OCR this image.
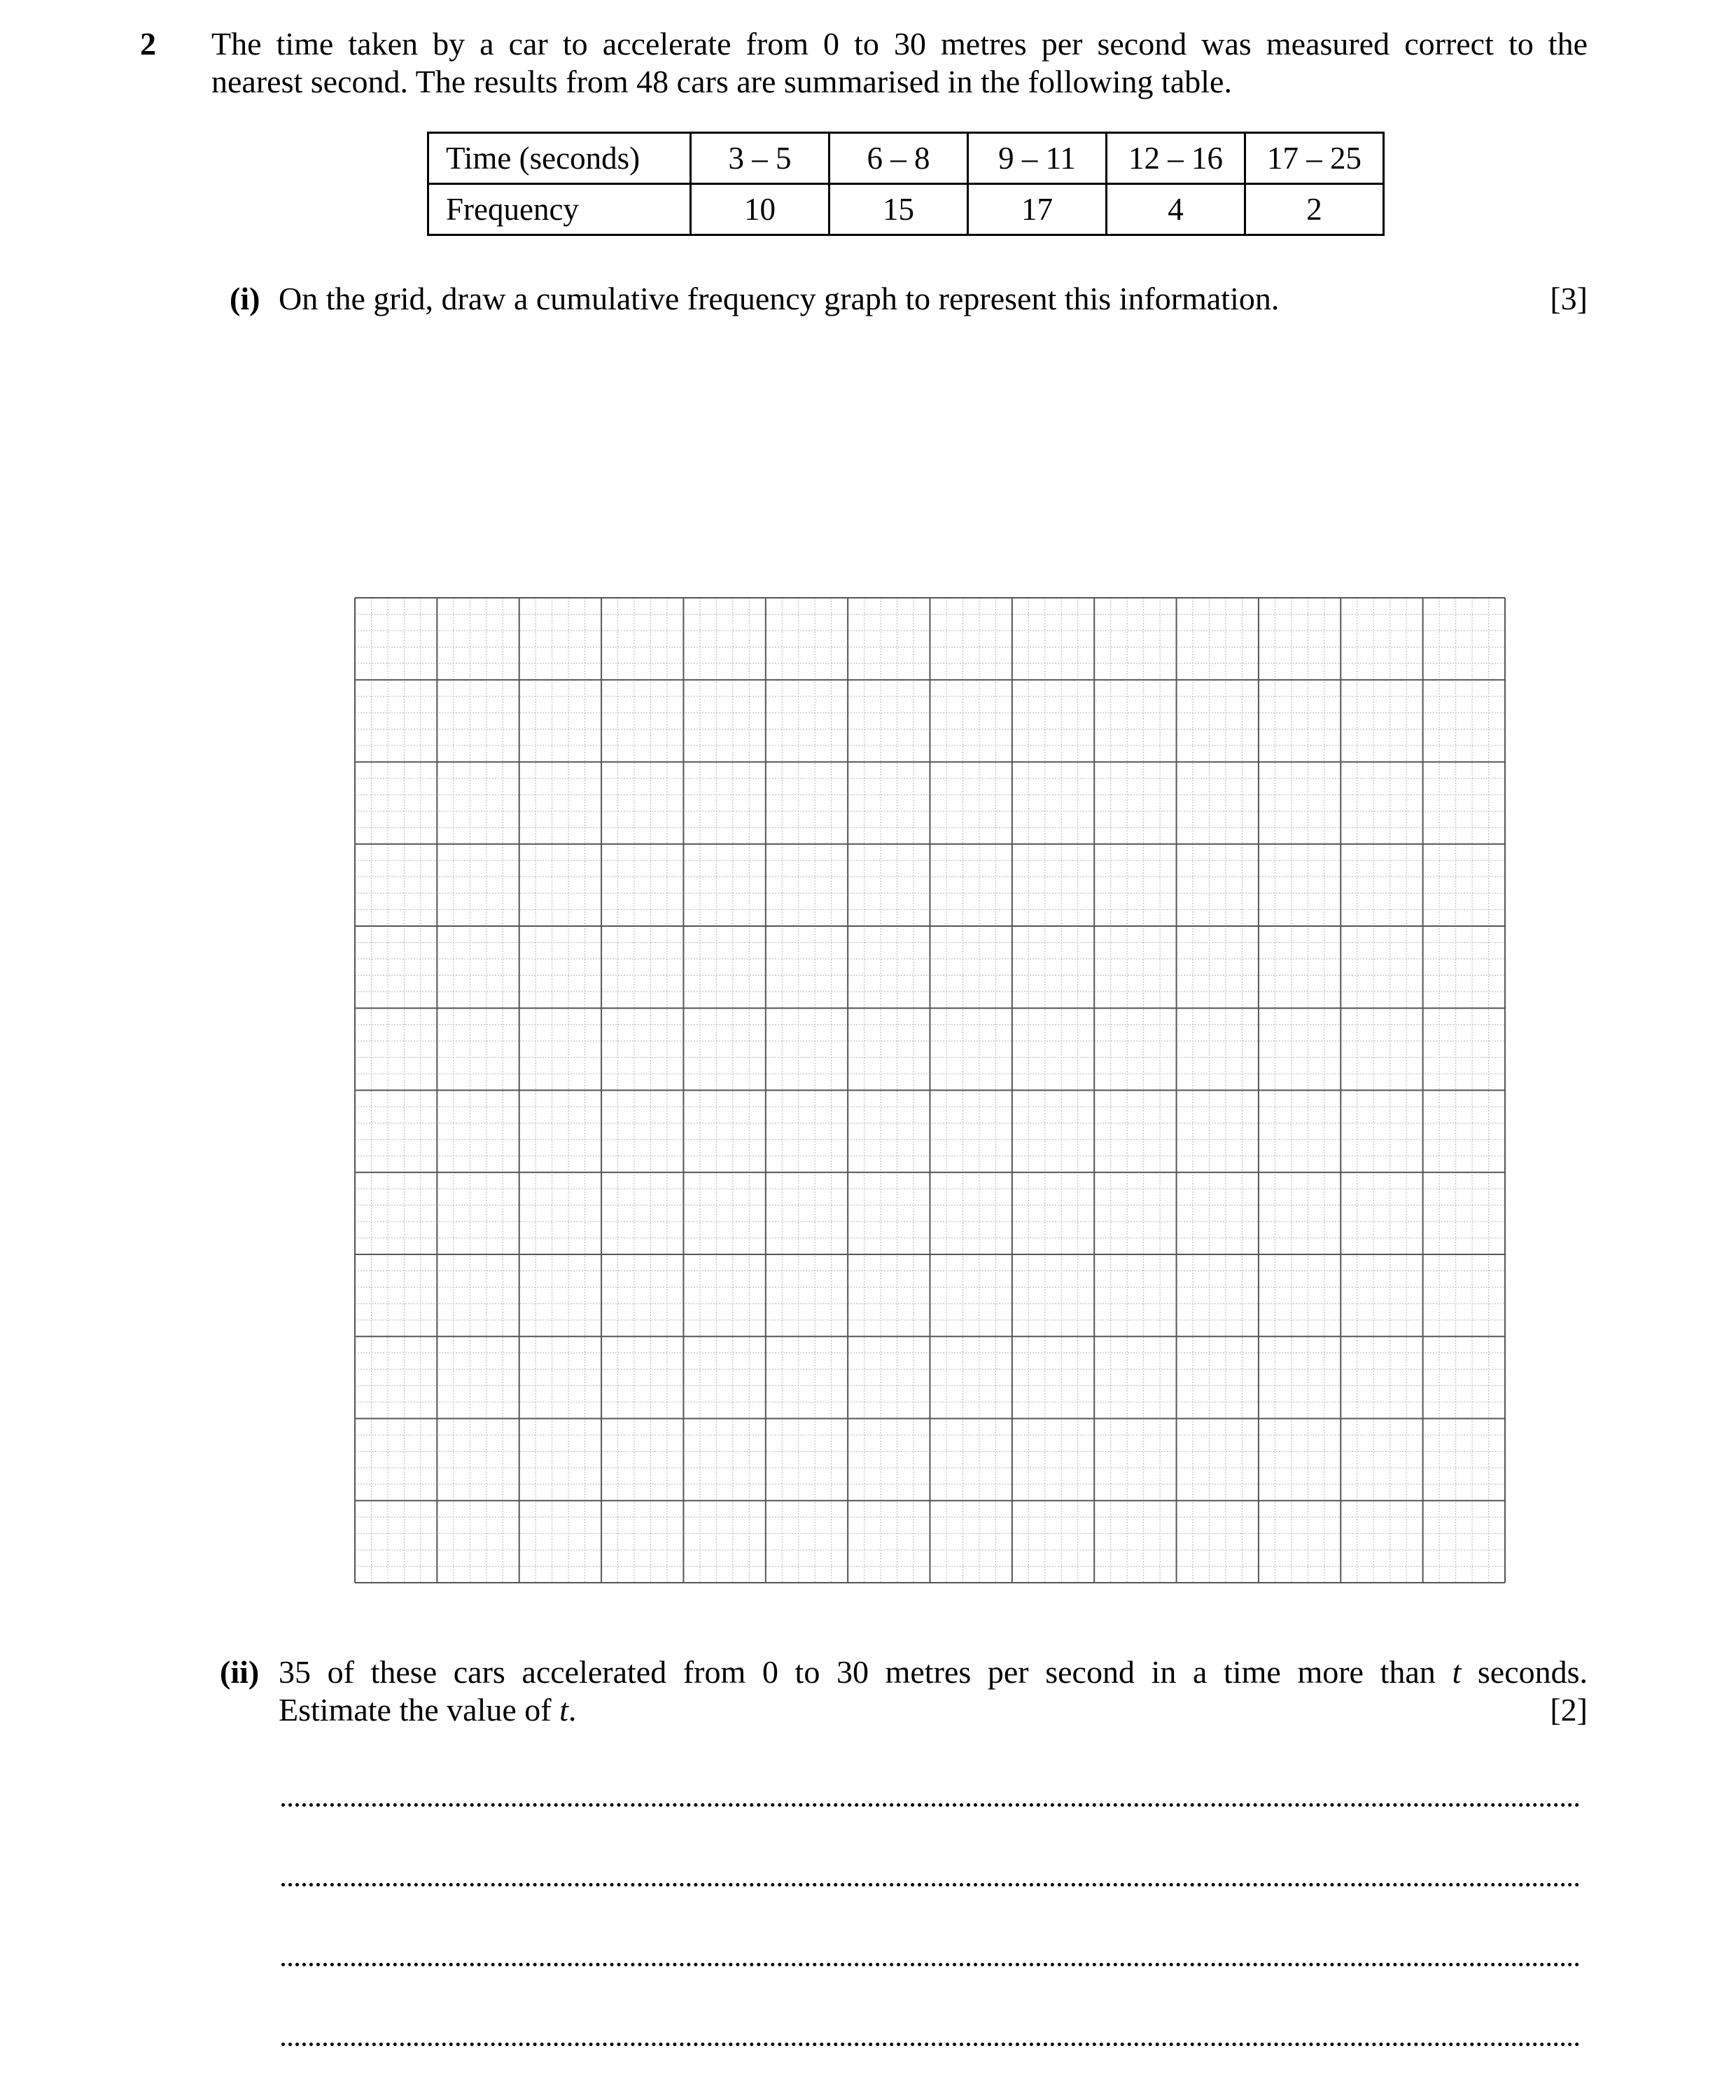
2 The time taken by a car to accelerate from 0 to 30 metres per second was measured correct to the
nearest second. The results from 48 cars are summarised in the following table.
Time (seconds)	3 – 5	6 – 8	9 – 11	12 – 16	17 – 25
Frequency	10	15	17	4	2
(i) On the grid, draw a cumulative frequency graph to represent this information.	[3]
(ii) 35 of these cars accelerated from 0 to 30 metres per second in a time more than t seconds.
Estimate the value of t.	[2]
